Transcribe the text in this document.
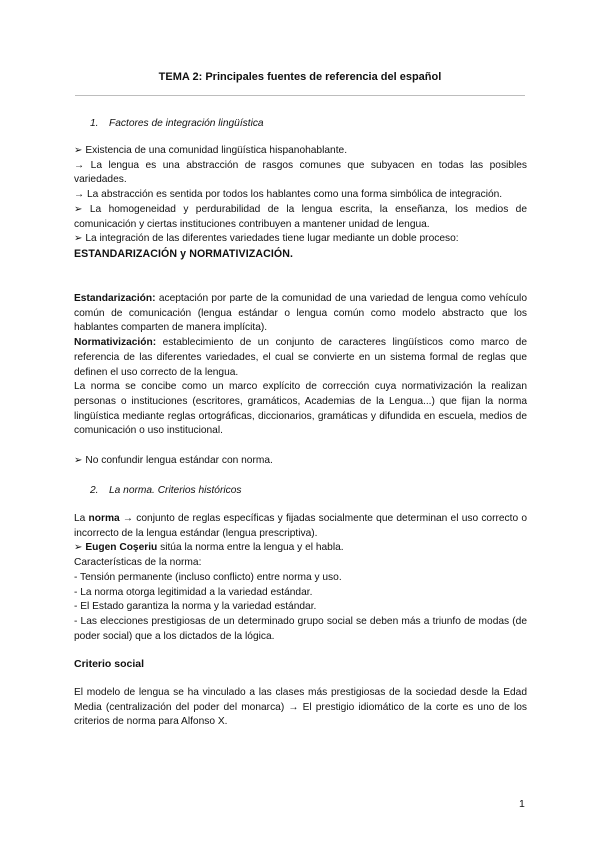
TEMA 2: Principales fuentes de referencia del español
1. Factores de integración lingüística

➢ Existencia de una comunidad lingüística hispanohablante.

→ La lengua es una abstracción de rasgos comunes que subyacen en todas las posibles variedades.

→ La abstracción es sentida por todos los hablantes como una forma simbólica de integración.

➢ La homogeneidad y perdurabilidad de la lengua escrita, la enseñanza, los medios de comunicación y ciertas instituciones contribuyen a mantener unidad de lengua.

➢ La integración de las diferentes variedades tiene lugar mediante un doble proceso:

ESTANDARIZACIÓN y NORMATIVIZACIÓN.

Estandarización: aceptación por parte de la comunidad de una variedad de lengua como vehículo común de comunicación (lengua estándar o lengua común como modelo abstracto que los hablantes comparten de manera implícita).

Normativización: establecimiento de un conjunto de caracteres lingüísticos como marco de referencia de las diferentes variedades, el cual se convierte en un sistema formal de reglas que definen el uso correcto de la lengua.

La norma se concibe como un marco explícito de corrección cuya normativización la realizan personas o instituciones (escritores, gramáticos, Academias de la Lengua...) que fijan la norma lingüística mediante reglas ortográficas, diccionarios, gramáticas y difundida en escuela, medios de comunicación o uso institucional.

➢ No confundir lengua estándar con norma.

2. La norma. Criterios históricos

La norma → conjunto de reglas específicas y fijadas socialmente que determinan el uso correcto o incorrecto de la lengua estándar (lengua prescriptiva).

➢ Eugen Coşeriu sitúa la norma entre la lengua y el habla.

Características de la norma:

- Tensión permanente (incluso conflicto) entre norma y uso.

- La norma otorga legitimidad a la variedad estándar.

- El Estado garantiza la norma y la variedad estándar.

- Las elecciones prestigiosas de un determinado grupo social se deben más a triunfo de modas (de poder social) que a los dictados de la lógica.

Criterio social

El modelo de lengua se ha vinculado a las clases más prestigiosas de la sociedad desde la Edad Media (centralización del poder del monarca) → El prestigio idiomático de la corte es uno de los criterios de norma para Alfonso X.

1
